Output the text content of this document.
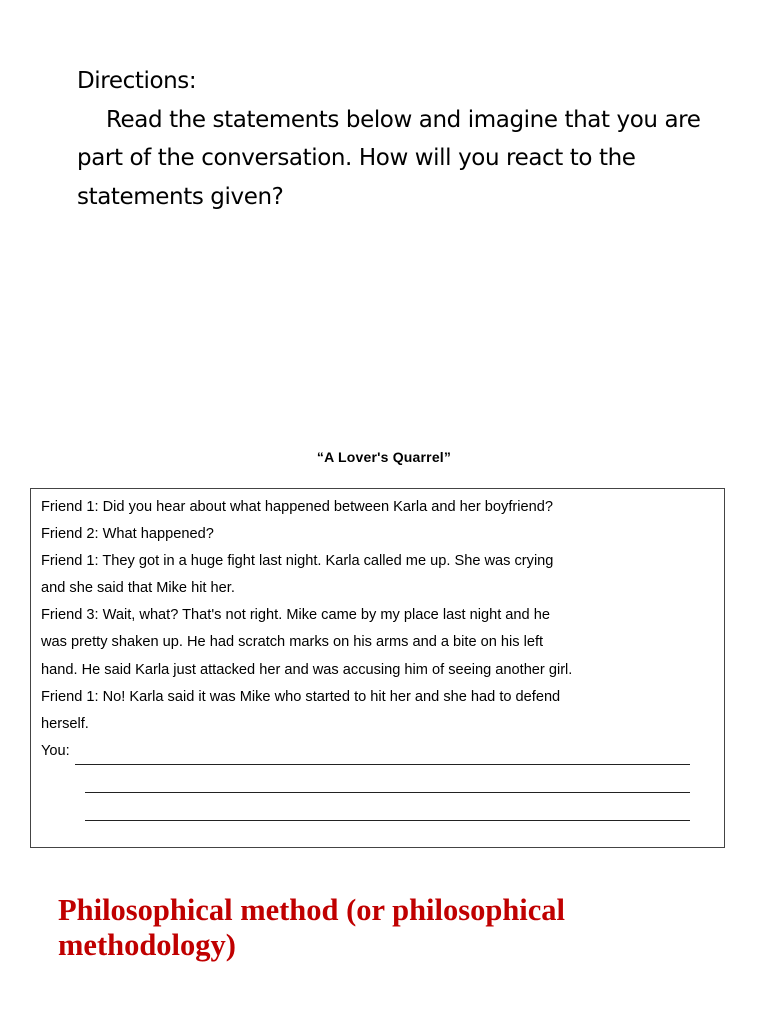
Directions:
Read the statements below and imagine that you are part of the conversation. How will you react to the statements given?
“A Lover's Quarrel”
Friend 1: Did you hear about what happened between Karla and her boyfriend?
Friend 2: What happened?
Friend 1: They got in a huge fight last night. Karla called me up. She was crying
and she said that Mike hit her.
Friend 3: Wait, what? That's not right. Mike came by my place last night and he
was pretty shaken up. He had scratch marks on his arms and a bite on his left
hand. He said Karla just attacked her and was accusing him of seeing another girl.
Friend 1: No! Karla said it was Mike who started to hit her and she had to defend
herself.
You:
Philosophical method (or philosophical methodology)
